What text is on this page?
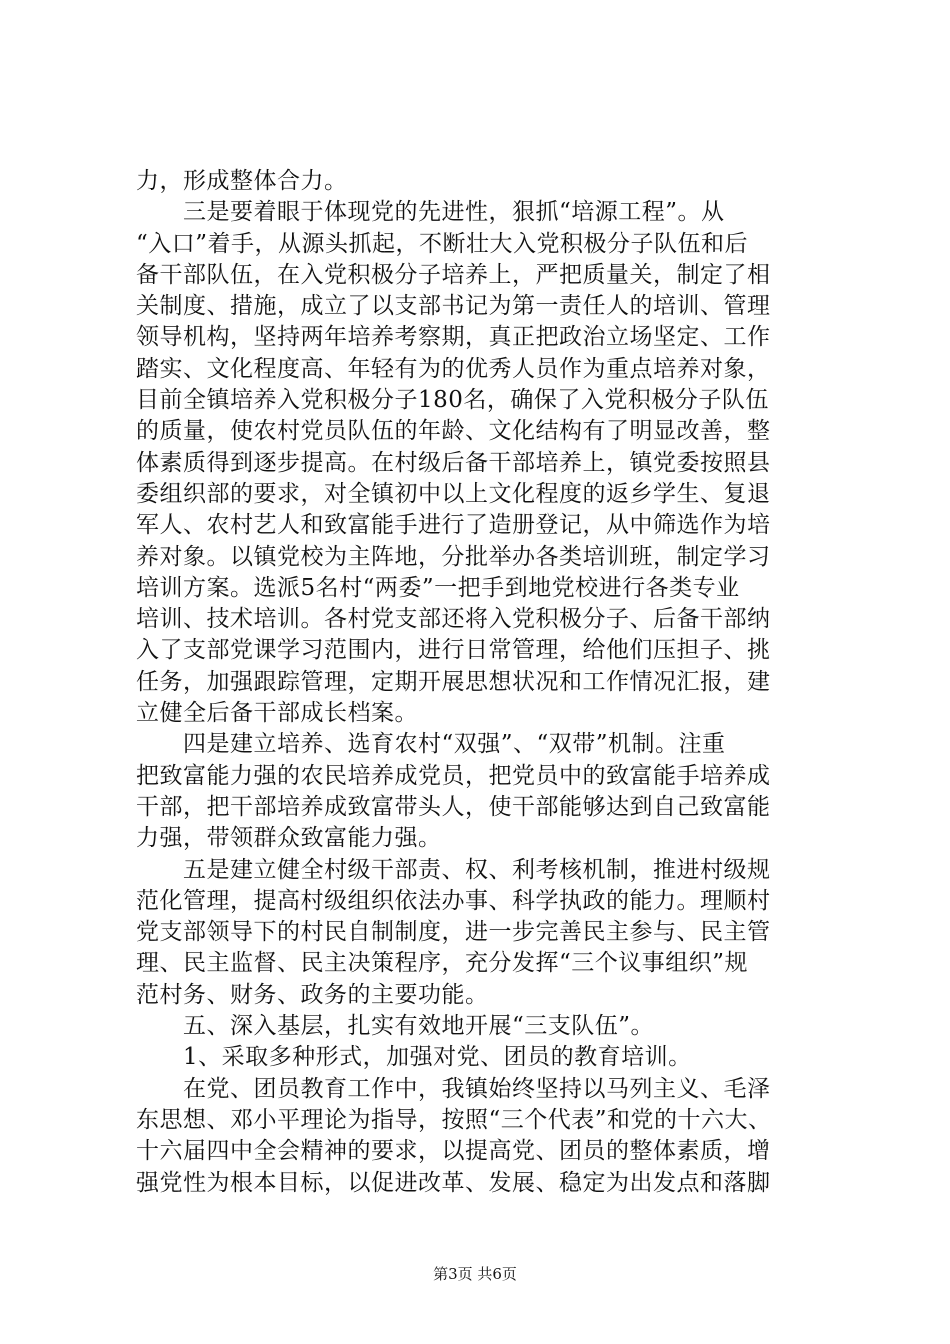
力，形成整体合力。
　　三是要着眼于体现党的先进性，狠抓“培源工程”。从
“入口”着手，从源头抓起，不断壮大入党积极分子队伍和后
备干部队伍，在入党积极分子培养上，严把质量关，制定了相
关制度、措施，成立了以支部书记为第一责任人的培训、管理
领导机构，坚持两年培养考察期，真正把政治立场坚定、工作
踏实、文化程度高、年轻有为的优秀人员作为重点培养对象，
目前全镇培养入党积极分子180名，确保了入党积极分子队伍
的质量，使农村党员队伍的年龄、文化结构有了明显改善，整
体素质得到逐步提高。在村级后备干部培养上，镇党委按照县
委组织部的要求，对全镇初中以上文化程度的返乡学生、复退
军人、农村艺人和致富能手进行了造册登记，从中筛选作为培
养对象。以镇党校为主阵地，分批举办各类培训班，制定学习
培训方案。选派5名村“两委”一把手到地党校进行各类专业
培训、技术培训。各村党支部还将入党积极分子、后备干部纳
入了支部党课学习范围内，进行日常管理，给他们压担子、挑
任务，加强跟踪管理，定期开展思想状况和工作情况汇报，建
立健全后备干部成长档案。
　　四是建立培养、选育农村“双强”、“双带”机制。注重
把致富能力强的农民培养成党员，把党员中的致富能手培养成
干部，把干部培养成致富带头人，使干部能够达到自己致富能
力强，带领群众致富能力强。
　　五是建立健全村级干部责、权、利考核机制，推进村级规
范化管理，提高村级组织依法办事、科学执政的能力。理顺村
党支部领导下的村民自制制度，进一步完善民主参与、民主管
理、民主监督、民主决策程序，充分发挥“三个议事组织”规
范村务、财务、政务的主要功能。
　　五、深入基层，扎实有效地开展“三支队伍”。
　　1、采取多种形式，加强对党、团员的教育培训。
　　在党、团员教育工作中，我镇始终坚持以马列主义、毛泽
东思想、邓小平理论为指导，按照“三个代表”和党的十六大、
十六届四中全会精神的要求，以提高党、团员的整体素质，增
强党性为根本目标，以促进改革、发展、稳定为出发点和落脚
第3页 共6页
